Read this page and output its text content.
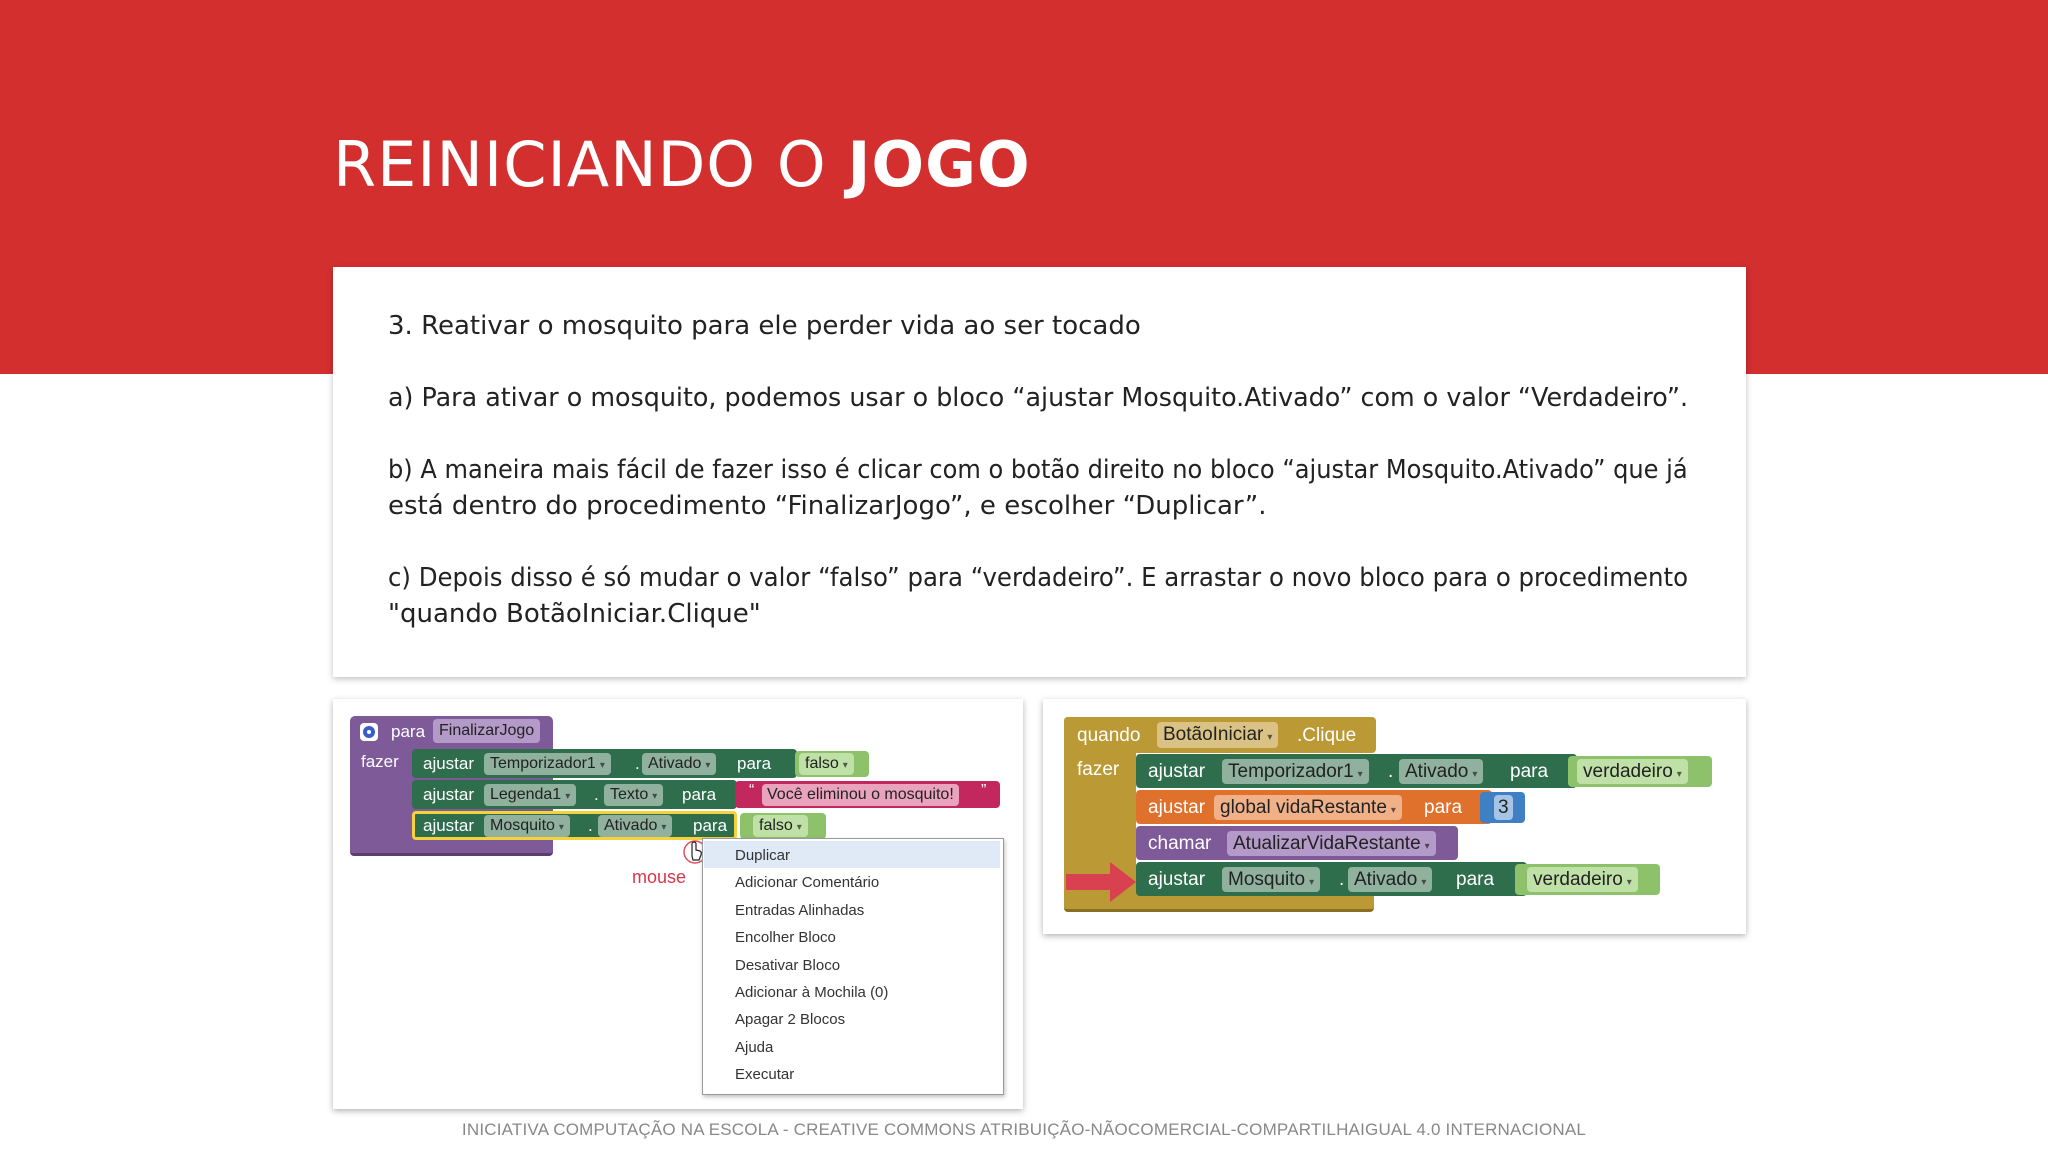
REINICIANDO O JOGO
3. Reativar o mosquito para ele perder vida ao ser tocado
a) Para ativar o mosquito, podemos usar o bloco “ajustar Mosquito.Ativado” com o valor “Verdadeiro”.
b) A maneira mais fácil de fazer isso é clicar com o botão direito no bloco “ajustar Mosquito.Ativado” que já
está dentro do procedimento “FinalizarJogo”, e escolher “Duplicar”.
c) Depois disso é só mudar o valor “falso” para “verdadeiro”. E arrastar o novo bloco para o procedimento
"quando BotãoIniciar.Clique"
para FinalizarJogo
fazer ajustar Temporizador1 ▾	. Ativado ▾	para	falso ▾
ajustar Legenda1 ▾	. Texto ▾	para “ Você eliminou o mosquito!	”
ajustar Mosquito ▾	. Ativado ▾	para	falso ▾
mouse
Duplicar
Adicionar Comentário
Entradas Alinhadas
Encolher Bloco
Desativar Bloco
Adicionar à Mochila (0)
Apagar 2 Blocos
Ajuda
Executar
quando	BotãoIniciar ▾	.Clique
fazer ajustar	Temporizador1 ▾	. Ativado ▾	para	verdadeiro ▾
ajustar global vidaRestante ▾	para 3
chamar	AtualizarVidaRestante ▾
ajustar	Mosquito ▾	. Ativado ▾	para	verdadeiro ▾
INICIATIVA COMPUTAÇÃO NA ESCOLA - CREATIVE COMMONS ATRIBUIÇÃO-NÃOCOMERCIAL-COMPARTILHAIGUAL 4.0 INTERNACIONAL
